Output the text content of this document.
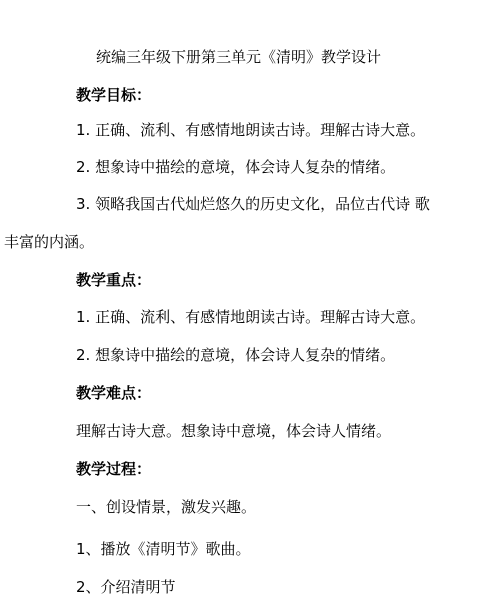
统编三年级下册第三单元《清明》教学设计
教学目标：
1. 正确、流利、有感情地朗读古诗。理解古诗大意。
2. 想象诗中描绘的意境，体会诗人复杂的情绪。
3. 领略我国古代灿烂悠久的历史文化，品位古代诗 歌
丰富的内涵。
教学重点：
1. 正确、流利、有感情地朗读古诗。理解古诗大意。
2. 想象诗中描绘的意境，体会诗人复杂的情绪。
教学难点：
理解古诗大意。想象诗中意境，体会诗人情绪。
教学过程：
一、创设情景，激发兴趣。
1、播放《清明节》歌曲。
2、介绍清明节
